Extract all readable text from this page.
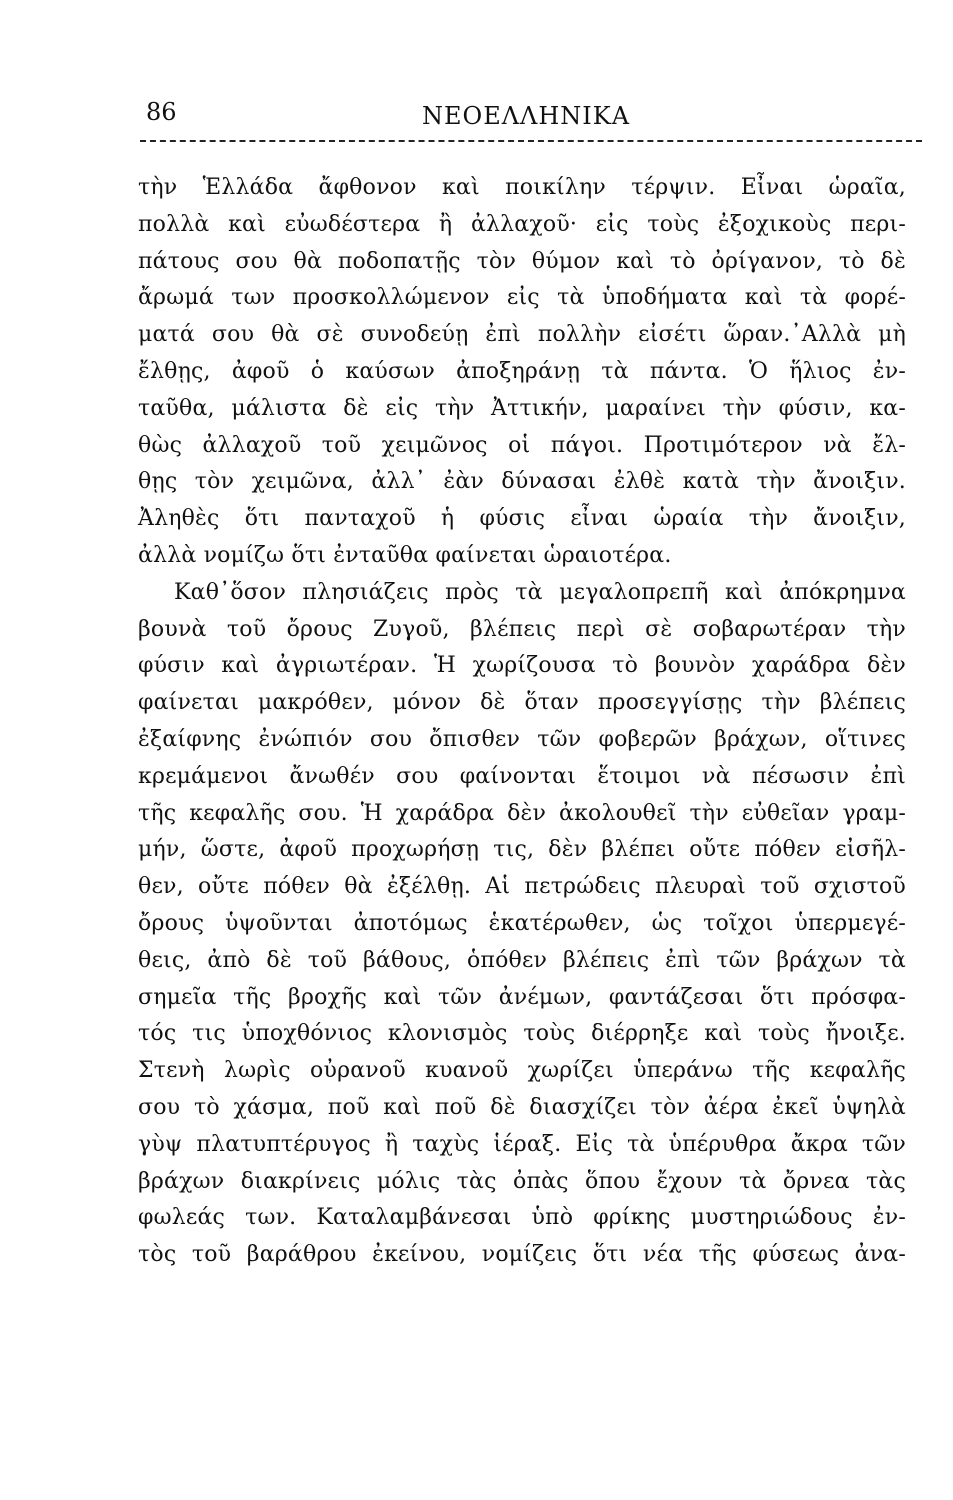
86	ΝΕΟΕΛΛΗΝΙΚΑ
τὴν Ἑλλάδα ἄφθονον καὶ ποικίλην τέρψιν. Εἶναι ὡραῖα,
πολλὰ καὶ εὐωδέστερα ἢ ἀλλαχοῦ· εἰς τοὺς ἐξοχικοὺς περι-
πάτους σου θὰ ποδοπατῇς τὸν θύμον καὶ τὸ ὀρίγανον, τὸ δὲ
ἄρωμά των προσκολλώμενον εἰς τὰ ὑποδήματα καὶ τὰ φορέ-
ματά σου θὰ σὲ συνοδεύῃ ἐπὶ πολλὴν εἰσέτι ὥραν.᾽Αλλὰ μὴ
ἔλθῃς, ἀφοῦ ὁ καύσων ἀποξηράνῃ τὰ πάντα. Ὁ ἥλιος ἐν-
ταῦθα, μάλιστα δὲ εἰς τὴν Ἀττικήν, μαραίνει τὴν φύσιν, κα-
θὼς ἀλλαχοῦ τοῦ χειμῶνος οἱ πάγοι. Προτιμότερον νὰ ἔλ-
θῃς τὸν χειμῶνα, ἀλλ᾽ ἐὰν δύνασαι ἐλθὲ κατὰ τὴν ἄνοιξιν.
Ἀληθὲς ὅτι πανταχοῦ ἡ φύσις εἶναι ὡραία τὴν ἄνοιξιν,
ἀλλὰ νομίζω ὅτι ἐνταῦθα φαίνεται ὡραιοτέρα.
Καθ᾽ὅσον πλησιάζεις πρὸς τὰ μεγαλοπρεπῆ καὶ ἀπόκρημνα
βουνὰ τοῦ ὄρους Ζυγοῦ, βλέπεις περὶ σὲ σοβαρωτέραν τὴν
φύσιν καὶ ἀγριωτέραν. Ἡ χωρίζουσα τὸ βουνὸν χαράδρα δὲν
φαίνεται μακρόθεν, μόνον δὲ ὅταν προσεγγίσῃς τὴν βλέπεις
ἐξαίφνης ἐνώπιόν σου ὄπισθεν τῶν φοβερῶν βράχων, οἵτινες
κρεμάμενοι ἄνωθέν σου φαίνονται ἕτοιμοι νὰ πέσωσιν ἐπὶ
τῆς κεφαλῆς σου. Ἡ χαράδρα δὲν ἀκολουθεῖ τὴν εὐθεῖαν γραμ-
μήν, ὥστε, ἀφοῦ προχωρήσῃ τις, δὲν βλέπει οὔτε πόθεν εἰσῆλ-
θεν, οὔτε πόθεν θὰ ἐξέλθῃ. Αἱ πετρώδεις πλευραὶ τοῦ σχιστοῦ
ὄρους ὑψοῦνται ἀποτόμως ἑκατέρωθεν, ὡς τοῖχοι ὑπερμεγέ-
θεις, ἀπὸ δὲ τοῦ βάθους, ὁπόθεν βλέπεις ἐπὶ τῶν βράχων τὰ
σημεῖα τῆς βροχῆς καὶ τῶν ἀνέμων, φαντάζεσαι ὅτι πρόσφα-
τός τις ὑποχθόνιος κλονισμὸς τοὺς διέρρηξε καὶ τοὺς ἤνοιξε.
Στενὴ λωρὶς οὐρανοῦ κυανοῦ χωρίζει ὑπεράνω τῆς κεφαλῆς
σου τὸ χάσμα, ποῦ καὶ ποῦ δὲ διασχίζει τὸν ἀέρα ἐκεῖ ὑψηλὰ
γὺψ πλατυπτέρυγος ἢ ταχὺς ἱέραξ. Εἰς τὰ ὑπέρυθρα ἄκρα τῶν
βράχων διακρίνεις μόλις τὰς ὀπὰς ὅπου ἔχουν τὰ ὄρνεα τὰς
φωλεάς των. Καταλαμβάνεσαι ὑπὸ φρίκης μυστηριώδους ἐν-
τὸς τοῦ βαράθρου ἐκείνου, νομίζεις ὅτι νέα τῆς φύσεως ἀνα-
